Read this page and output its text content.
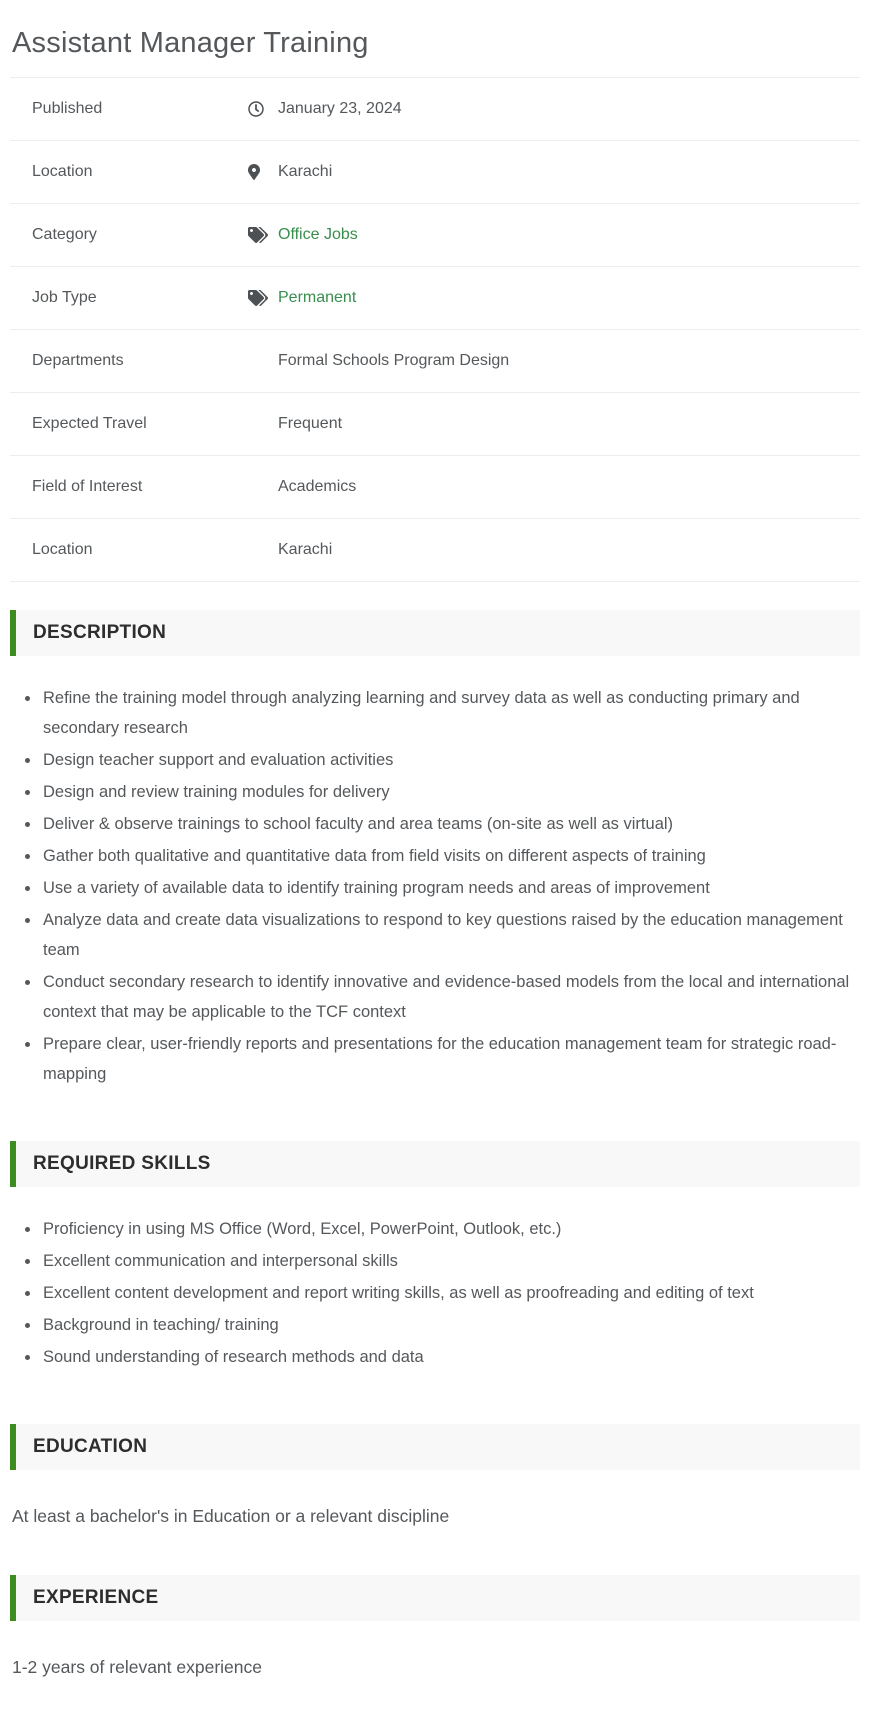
Assistant Manager Training
Published	January 23, 2024
Location	Karachi
Category	Office Jobs
Job Type	Permanent
Departments	Formal Schools Program Design
Expected Travel	Frequent
Field of Interest	Academics
Location	Karachi
DESCRIPTION
• Refine the training model through analyzing learning and survey data as well as conducting primary and secondary research
• Design teacher support and evaluation activities
• Design and review training modules for delivery
• Deliver & observe trainings to school faculty and area teams (on-site as well as virtual)
• Gather both qualitative and quantitative data from field visits on different aspects of training
• Use a variety of available data to identify training program needs and areas of improvement
• Analyze data and create data visualizations to respond to key questions raised by the education management team
• Conduct secondary research to identify innovative and evidence-based models from the local and international context that may be applicable to the TCF context
• Prepare clear, user-friendly reports and presentations for the education management team for strategic road-mapping
REQUIRED SKILLS
• Proficiency in using MS Office (Word, Excel, PowerPoint, Outlook, etc.)
• Excellent communication and interpersonal skills
• Excellent content development and report writing skills, as well as proofreading and editing of text
• Background in teaching/ training
• Sound understanding of research methods and data
EDUCATION

At least a bachelor's in Education or a relevant discipline

EXPERIENCE

1-2 years of relevant experience
